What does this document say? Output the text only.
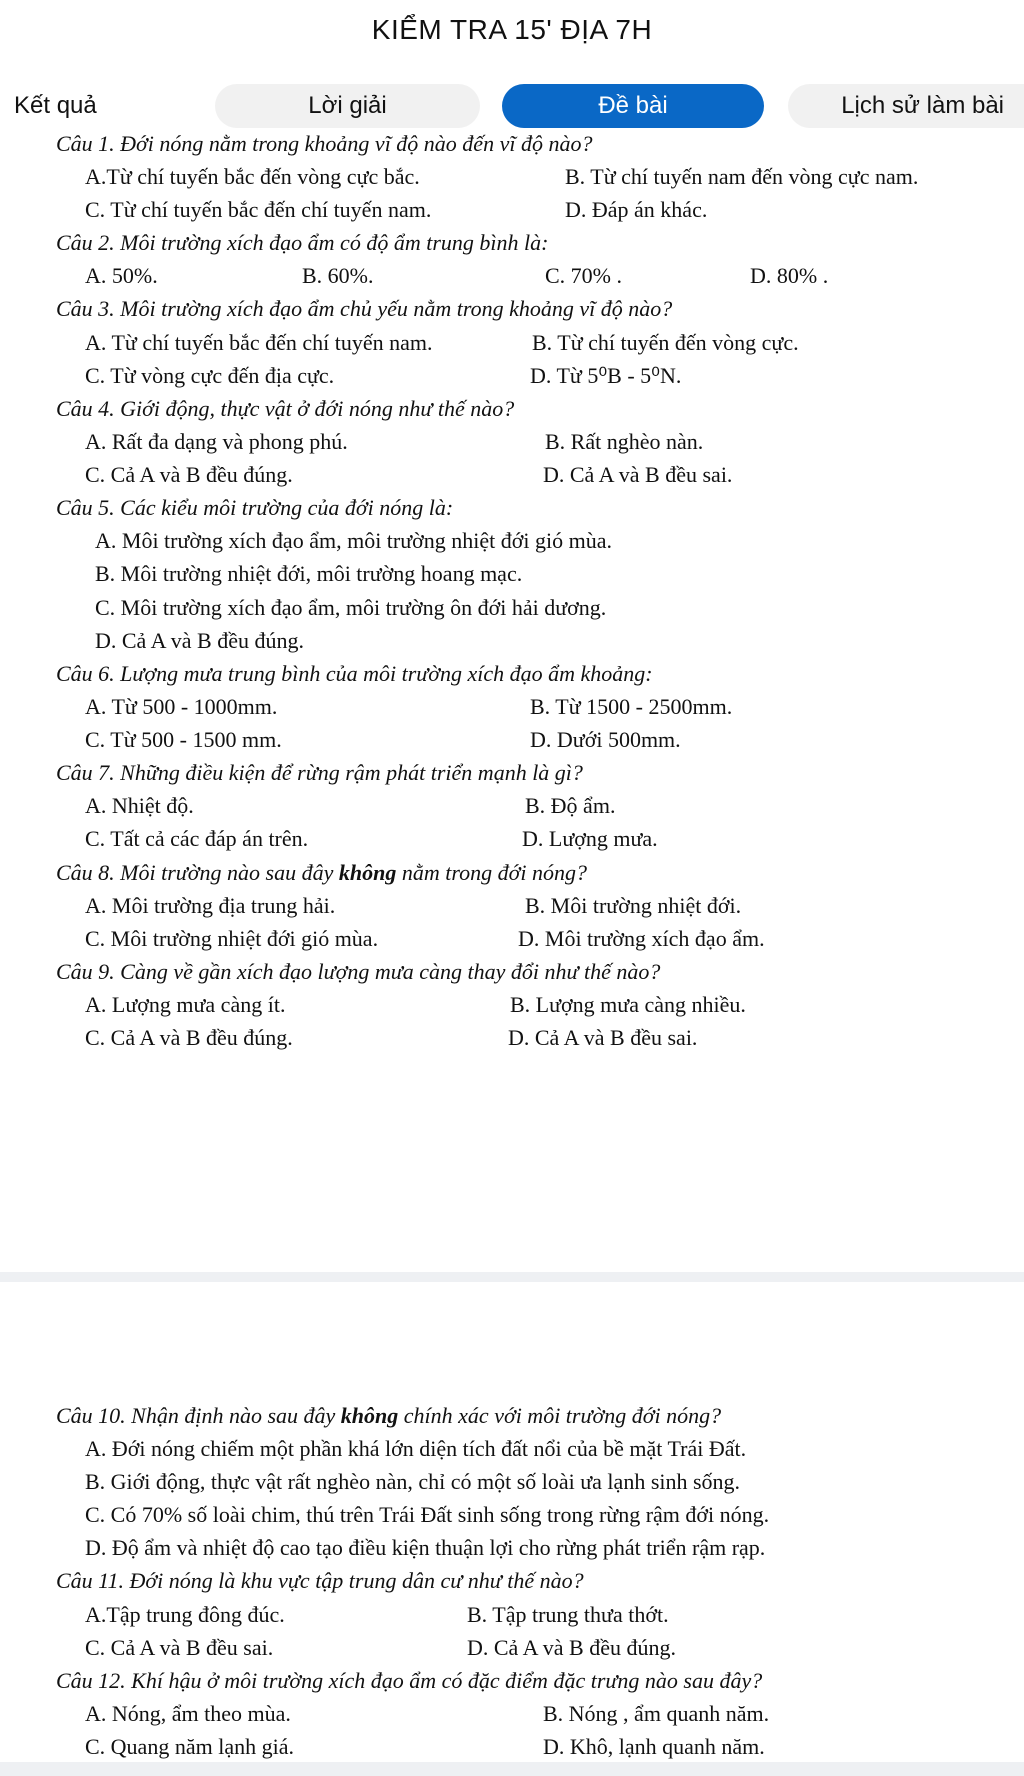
KIỂM TRA 15' ĐỊA 7H
Kết quả	Lời giải	Đề bài	Lịch sử làm bài
Câu 1. Đới nóng nằm trong khoảng vĩ độ nào đến vĩ độ nào?
A.Từ chí tuyến bắc đến vòng cực bắc.	B. Từ chí tuyến nam đến vòng cực nam.
C. Từ chí tuyến bắc đến chí tuyến nam.	D. Đáp án khác.
Câu 2. Môi trường xích đạo ẩm có độ ẩm trung bình là:
A. 50%.	B. 60%.	C. 70% .	D. 80% .
Câu 3. Môi trường xích đạo ẩm chủ yếu nằm trong khoảng vĩ độ nào?
A. Từ chí tuyến bắc đến chí tuyến nam.	B. Từ chí tuyến đến vòng cực.
C. Từ vòng cực đến địa cực.	D. Từ 5⁰B - 5⁰N.
Câu 4. Giới động, thực vật ở đới nóng như thế nào?
A. Rất đa dạng và phong phú.	B. Rất nghèo nàn.
C. Cả A và B đều đúng.	D. Cả A và B đều sai.
Câu 5. Các kiểu môi trường của đới nóng là:
A. Môi trường xích đạo ẩm, môi trường nhiệt đới gió mùa.
B. Môi trường nhiệt đới, môi trường hoang mạc.
C. Môi trường xích đạo ẩm, môi trường ôn đới hải dương.
D. Cả A và B đều đúng.
Câu 6. Lượng mưa trung bình của môi trường xích đạo ẩm khoảng:
A. Từ 500 - 1000mm.	B. Từ 1500 - 2500mm.
C. Từ 500 - 1500 mm.	D. Dưới 500mm.
Câu 7. Những điều kiện để rừng rậm phát triển mạnh là gì?
A. Nhiệt độ.	B. Độ ẩm.
C. Tất cả các đáp án trên.	D. Lượng mưa.
Câu 8. Môi trường nào sau đây không nằm trong đới nóng?
A. Môi trường địa trung hải.	B. Môi trường nhiệt đới.
C. Môi trường nhiệt đới gió mùa.	D. Môi trường xích đạo ẩm.
Câu 9. Càng về gần xích đạo lượng mưa càng thay đổi như thế nào?
A. Lượng mưa càng ít.	B. Lượng mưa càng nhiều.
C. Cả A và B đều đúng.	D. Cả A và B đều sai.
Câu 10. Nhận định nào sau đây không chính xác với môi trường đới nóng?
A. Đới nóng chiếm một phần khá lớn diện tích đất nổi của bề mặt Trái Đất.
B. Giới động, thực vật rất nghèo nàn, chỉ có một số loài ưa lạnh sinh sống.
C. Có 70% số loài chim, thú trên Trái Đất sinh sống trong rừng rậm đới nóng.
D. Độ ẩm và nhiệt độ cao tạo điều kiện thuận lợi cho rừng phát triển rậm rạp.
Câu 11. Đới nóng là khu vực tập trung dân cư như thế nào?
A.Tập trung đông đúc.	B. Tập trung thưa thớt.
C. Cả A và B đều sai.	D. Cả A và B đều đúng.
Câu 12. Khí hậu ở môi trường xích đạo ẩm có đặc điểm đặc trưng nào sau đây?
A. Nóng, ẩm theo mùa.	B. Nóng , ẩm quanh năm.
C. Quang năm lạnh giá.	D. Khô, lạnh quanh năm.
